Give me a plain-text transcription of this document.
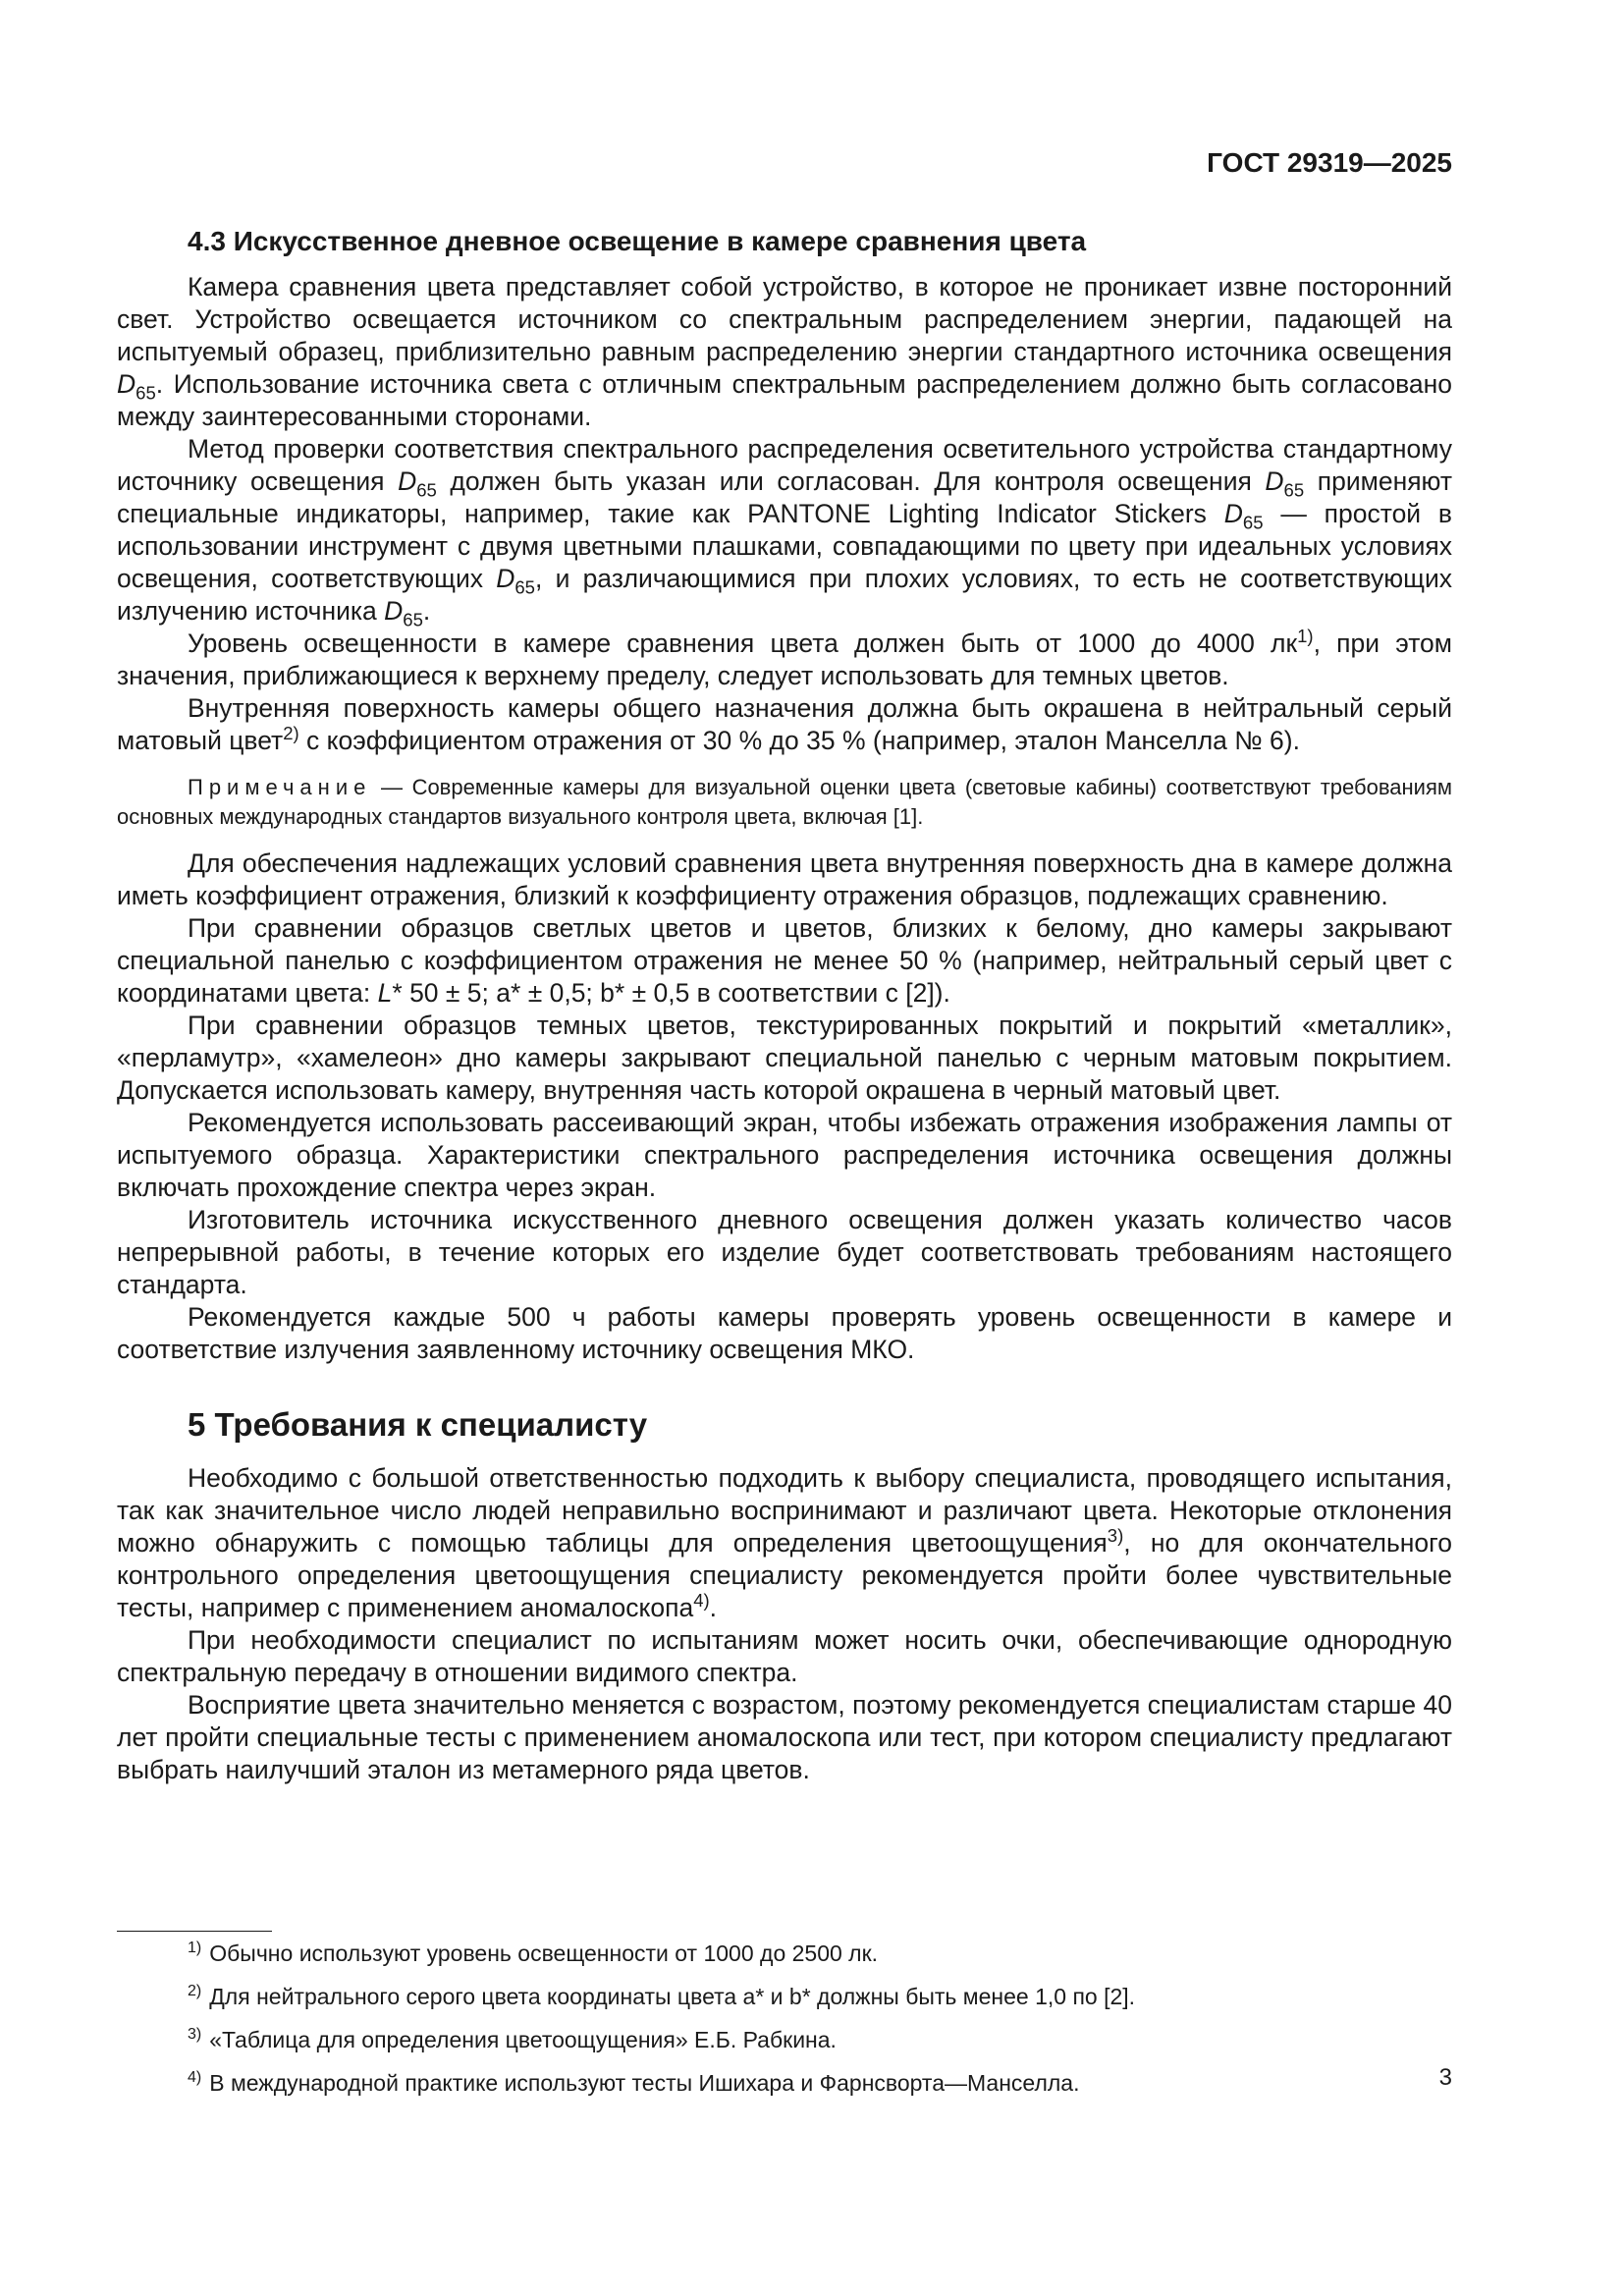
ГОСТ 29319—2025
4.3 Искусственное дневное освещение в камере сравнения цвета

Камера сравнения цвета представляет собой устройство, в которое не проникает извне посторонний свет. Устройство освещается источником со спектральным распределением энергии, падающей на испытуемый образец, приблизительно равным распределению энергии стандартного источника освещения $D_{65}$. Использование источника света с отличным спектральным распределением должно быть согласовано между заинтересованными сторонами.

Метод проверки соответствия спектрального распределения осветительного устройства стандартному источнику освещения $D_{65}$ должен быть указан или согласован. Для контроля освещения $D_{65}$ применяют специальные индикаторы, например, такие как PANTONE Lighting Indicator Stickers $D_{65}$ — простой в использовании инструмент с двумя цветными плашками, совпадающими по цвету при идеальных условиях освещения, соответствующих $D_{65}$, и различающимися при плохих условиях, то есть не соответствующих излучению источника $D_{65}$.

Уровень освещенности в камере сравнения цвета должен быть от 1000 до 4000 $лк^{1)}$, при этом значения, приближающиеся к верхнему пределу, следует использовать для темных цветов.

Внутренняя поверхность камеры общего назначения должна быть окрашена в нейтральный серый матовый цвет$^{2)}$ с коэффициентом отражения от 30 % до 35 % (например, эталон Манселла № 6).

Примечание — Современные камеры для визуальной оценки цвета (световые кабины) соответствуют требованиям основных международных стандартов визуального контроля цвета, включая [1].

Для обеспечения надлежащих условий сравнения цвета внутренняя поверхность дна в камере должна иметь коэффициент отражения, близкий к коэффициенту отражения образцов, подлежащих сравнению.

При сравнении образцов светлых цветов и цветов, близких к белому, дно камеры закрывают специальной панелью с коэффициентом отражения не менее 50 % (например, нейтральный серый цвет с координатами цвета: L* 50 ± 5; a* ± 0,5; b* ± 0,5 в соответствии с [2]).

При сравнении образцов темных цветов, текстурированных покрытий и покрытий «металлик», «перламутр», «хамелеон» дно камеры закрывают специальной панелью с черным матовым покрытием. Допускается использовать камеру, внутренняя часть которой окрашена в черный матовый цвет.

Рекомендуется использовать рассеивающий экран, чтобы избежать отражения изображения лампы от испытуемого образца. Характеристики спектрального распределения источника освещения должны включать прохождение спектра через экран.

Изготовитель источника искусственного дневного освещения должен указать количество часов непрерывной работы, в течение которых его изделие будет соответствовать требованиям настоящего стандарта.

Рекомендуется каждые 500 ч работы камеры проверять уровень освещенности в камере и соответствие излучения заявленному источнику освещения МКО.

5 Требования к специалисту

Необходимо с большой ответственностью подходить к выбору специалиста, проводящего испытания, так как значительное число людей неправильно воспринимают и различают цвета. Некоторые отклонения можно обнаружить с помощью таблицы для определения цветоощущения$^{3)}$, но для окончательного контрольного определения цветоощущения специалисту рекомендуется пройти более чувствительные тесты, например с применением аномалоскопа$^{4)}$.

При необходимости специалист по испытаниям может носить очки, обеспечивающие однородную спектральную передачу в отношении видимого спектра.

Восприятие цвета значительно меняется с возрастом, поэтому рекомендуется специалистам старше 40 лет пройти специальные тесты с применением аномалоскопа или тест, при котором специалисту предлагают выбрать наилучший эталон из метамерного ряда цветов.

$^{1)}$ Обычно используют уровень освещенности от 1000 до 2500 лк.
$^{2)}$ Для нейтрального серого цвета координаты цвета a* и b* должны быть менее 1,0 по [2].
$^{3)}$ «Таблица для определения цветоощущения» Е.Б. Рабкина.
$^{4)}$ В международной практике используют тесты Ишихара и Фарнсворта—Манселла.	3
